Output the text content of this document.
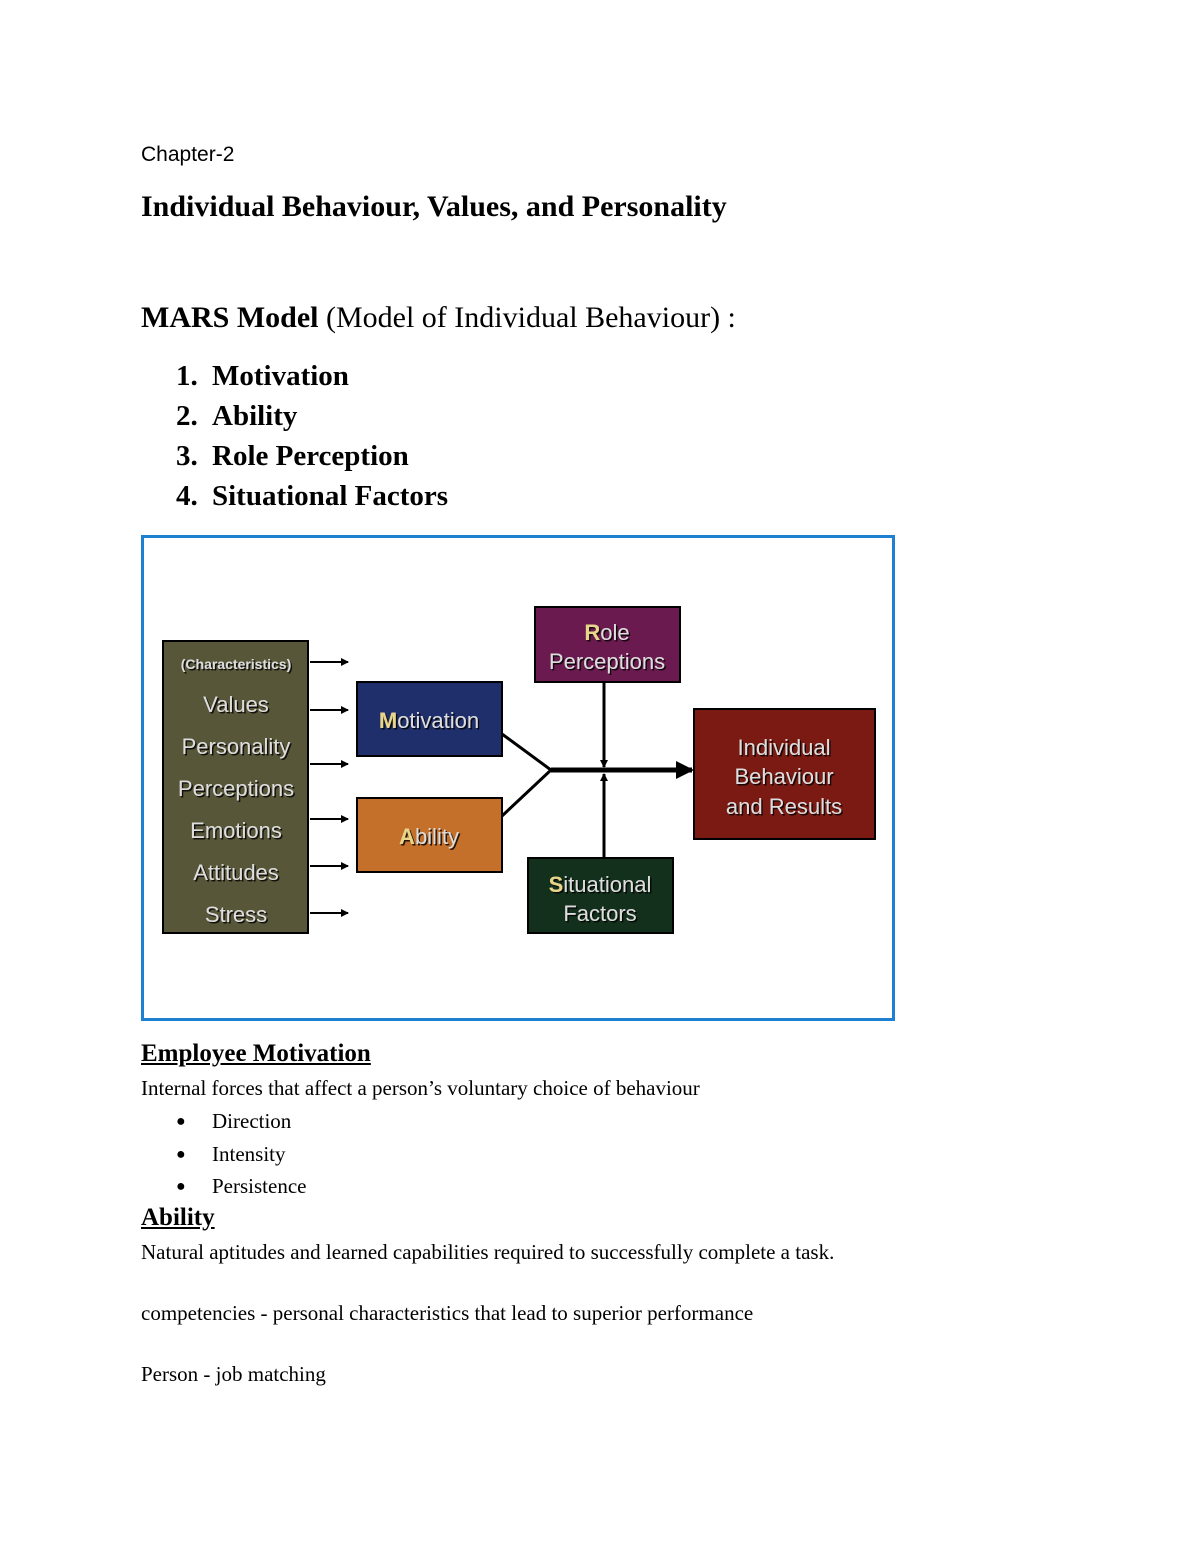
Chapter-2
Individual Behaviour, Values, and Personality
MARS Model (Model of Individual Behaviour) :
1. Motivation
2. Ability
3. Role Perception
4. Situational Factors
(Characteristics)
Values
Personality
Perceptions
Emotions
Attitudes
Stress
Motivation
Ability
Role
Perceptions
Situational
Factors
Individual
Behaviour
and Results
Employee Motivation
Internal forces that affect a person’s voluntary choice of behaviour
● Direction
● Intensity
● Persistence
Ability
Natural aptitudes and learned capabilities required to successfully complete a task.
competencies - personal characteristics that lead to superior performance
Person - job matching
